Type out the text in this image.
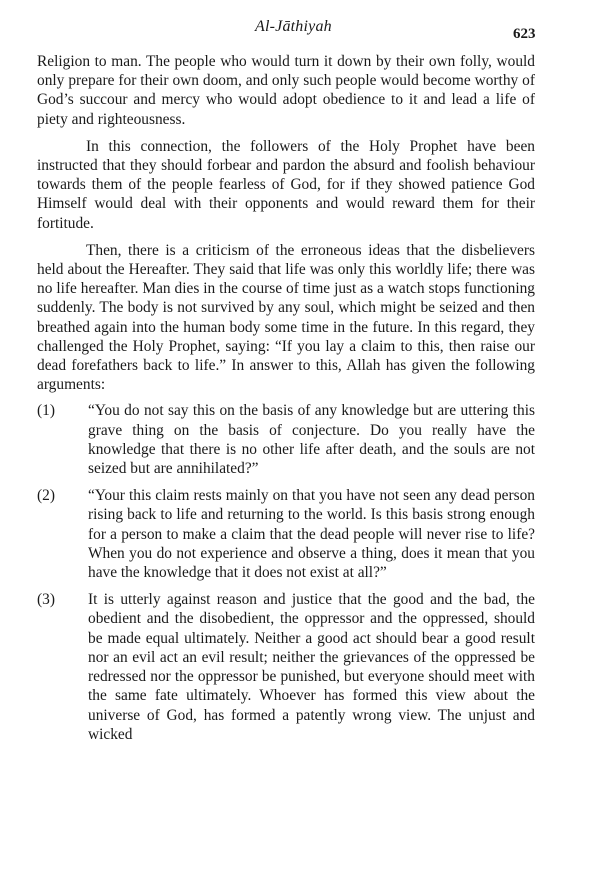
Al-Jāthiyah	623

Religion to man. The people who would turn it down by their own folly, would only prepare for their own doom, and only such people would become worthy of God’s succour and mercy who would adopt obedience to it and lead a life of piety and righteousness.

In this connection, the followers of the Holy Prophet have been instructed that they should forbear and pardon the absurd and foolish behaviour towards them of the people fearless of God, for if they showed patience God Himself would deal with their opponents and would reward them for their fortitude.

Then, there is a criticism of the erroneous ideas that the disbelievers held about the Hereafter. They said that life was only this worldly life; there was no life hereafter. Man dies in the course of time just as a watch stops functioning suddenly. The body is not survived by any soul, which might be seized and then breathed again into the human body some time in the future. In this regard, they challenged the Holy Prophet, saying: “If you lay a claim to this, then raise our dead forefathers back to life.” In answer to this, Allah has given the following arguments:

(1)	“You do not say this on the basis of any knowledge but are uttering this grave thing on the basis of conjecture. Do you really have the knowledge that there is no other life after death, and the souls are not seized but are annihilated?”

(2)	“Your this claim rests mainly on that you have not seen any dead person rising back to life and returning to the world. Is this basis strong enough for a person to make a claim that the dead people will never rise to life? When you do not experience and observe a thing, does it mean that you have the knowledge that it does not exist at all?”

(3)	It is utterly against reason and justice that the good and the bad, the obedient and the disobedient, the oppressor and the oppressed, should be made equal ultimately. Neither a good act should bear a good result nor an evil act an evil result; neither the grievances of the oppressed be redressed nor the oppressor be punished, but everyone should meet with the same fate ultimately. Whoever has formed this view about the universe of God, has formed a patently wrong view. The unjust and wicked
